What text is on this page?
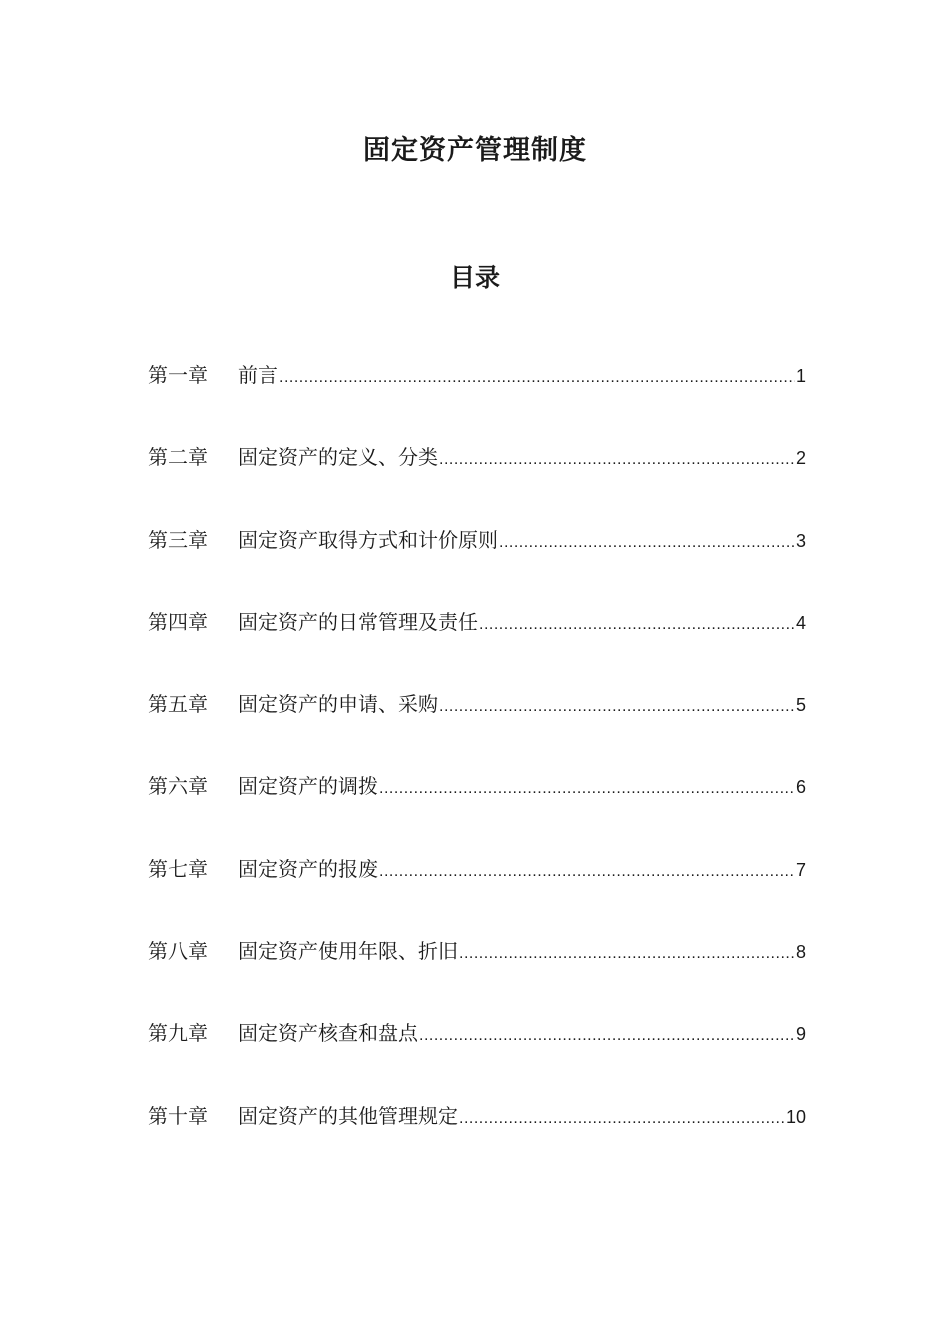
固定资产管理制度
目录
第一章	前言 .....	1
第二章	固定资产的定义、分类 .....	2
第三章	固定资产取得方式和计价原则 .....	3
第四章	固定资产的日常管理及责任 .....	4
第五章	固定资产的申请、采购 .....	5
第六章	固定资产的调拨 .....	6
第七章	固定资产的报废 .....	7
第八章	固定资产使用年限、折旧 .....	8
第九章	固定资产核查和盘点 .....	9
第十章	固定资产的其他管理规定 .....	10
